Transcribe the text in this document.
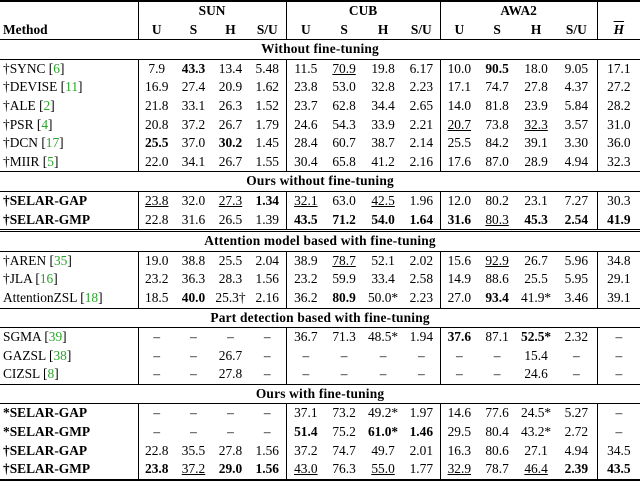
	SUN				CUB				AWA2				
Method	U	S	H	S/U	U	S	H	S/U	U	S	H	S/U	$\overline{H}$
Without fine-tuning													
†SYNC [6]	7.9	43.3	13.4	5.48	11.5	70.9	19.8	6.17	10.0	90.5	18.0	9.05	17.1
†DEVISE [11]	16.9	27.4	20.9	1.62	23.8	53.0	32.8	2.23	17.1	74.7	27.8	4.37	27.2
†ALE [2]	21.8	33.1	26.3	1.52	23.7	62.8	34.4	2.65	14.0	81.8	23.9	5.84	28.2
†PSR [4]	20.8	37.2	26.7	1.79	24.6	54.3	33.9	2.21	20.7	73.8	32.3	3.57	31.0
†DCN [17]	25.5	37.0	30.2	1.45	28.4	60.7	38.7	2.14	25.5	84.2	39.1	3.30	36.0
†MIIR [5]	22.0	34.1	26.7	1.55	30.4	65.8	41.2	2.16	17.6	87.0	28.9	4.94	32.3
Ours without fine-tuning													
†SELAR-GAP	23.8	32.0	27.3	1.34	32.1	63.0	42.5	1.96	12.0	80.2	23.1	7.27	30.3
†SELAR-GMP	22.8	31.6	26.5	1.39	43.5	71.2	54.0	1.64	31.6	80.3	45.3	2.54	41.9
Attention model based with fine-tuning													
†AREN [35]	19.0	38.8	25.5	2.04	38.9	78.7	52.1	2.02	15.6	92.9	26.7	5.96	34.8
†JLA [16]	23.2	36.3	28.3	1.56	23.2	59.9	33.4	2.58	14.9	88.6	25.5	5.95	29.1
AttentionZSL [18]	18.5	40.0	25.3†	2.16	36.2	80.9	50.0*	2.23	27.0	93.4	41.9*	3.46	39.1
Part detection based with fine-tuning													
SGMA [39]	–	–	–	–	36.7	71.3	48.5*	1.94	37.6	87.1	52.5*	2.32	–
GAZSL [38]	–	–	26.7	–	–	–	–	–	–	–	15.4	–	–
CIZSL [8]	–	–	27.8	–	–	–	–	–	–	–	24.6	–	–
Ours with fine-tuning													
*SELAR-GAP	–	–	–	–	37.1	73.2	49.2*	1.97	14.6	77.6	24.5*	5.27	–
*SELAR-GMP	–	–	–	–	51.4	75.2	61.0*	1.46	29.5	80.4	43.2*	2.72	–
†SELAR-GAP	22.8	35.5	27.8	1.56	37.2	74.7	49.7	2.01	16.3	80.6	27.1	4.94	34.5
†SELAR-GMP	23.8	37.2	29.0	1.56	43.0	76.3	55.0	1.77	32.9	78.7	46.4	2.39	43.5
